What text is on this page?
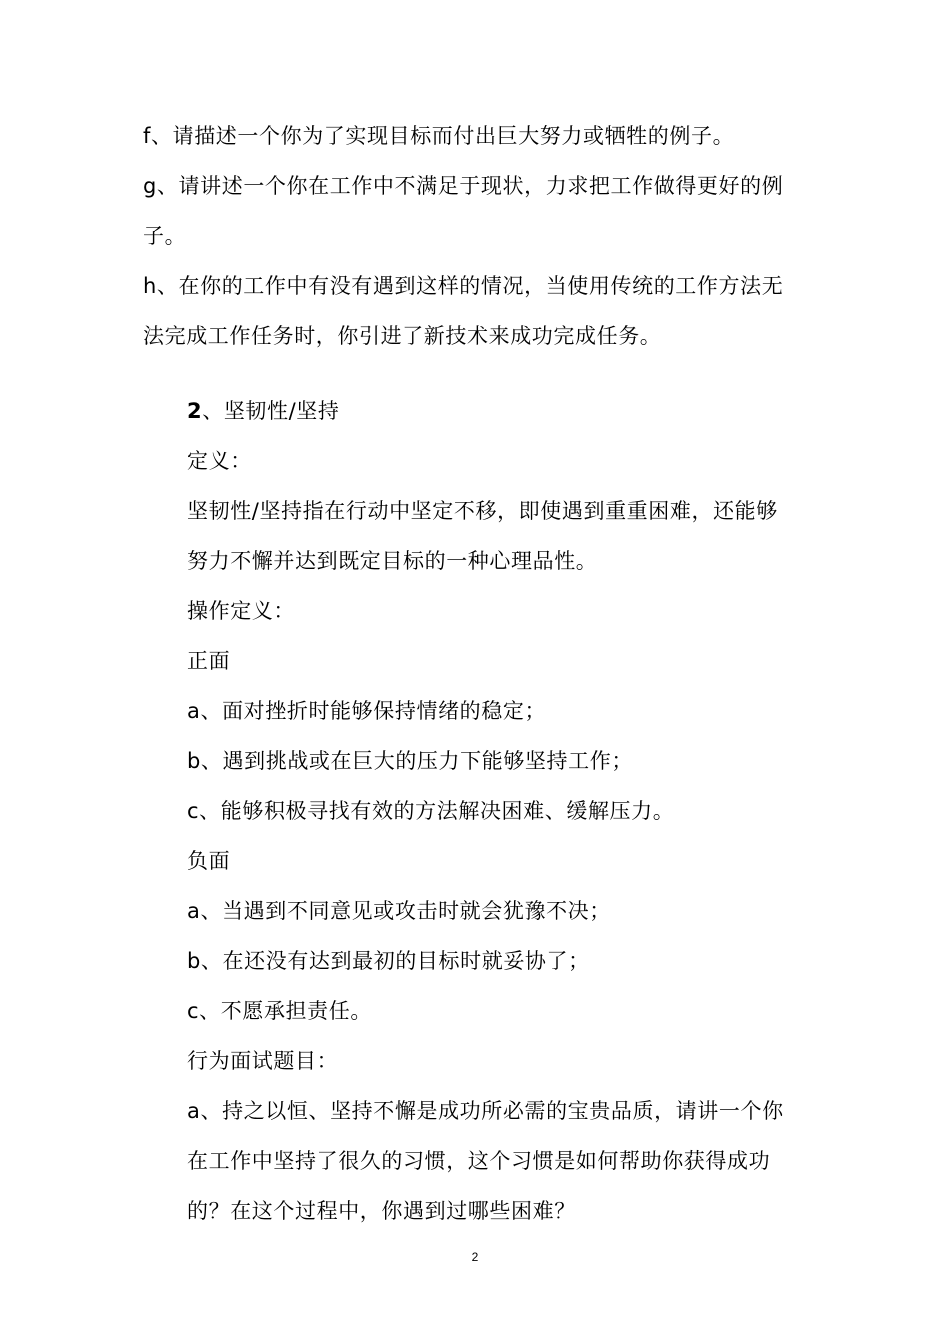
f、请描述一个你为了实现目标而付出巨大努力或牺牲的例子。
g、请讲述一个你在工作中不满足于现状，力求把工作做得更好的例
子。
h、在你的工作中有没有遇到这样的情况，当使用传统的工作方法无
法完成工作任务时，你引进了新技术来成功完成任务。
2、坚韧性/坚持
定义：
坚韧性/坚持指在行动中坚定不移，即使遇到重重困难，还能够
努力不懈并达到既定目标的一种心理品性。
操作定义：
正面
a、面对挫折时能够保持情绪的稳定；
b、遇到挑战或在巨大的压力下能够坚持工作；
c、能够积极寻找有效的方法解决困难、缓解压力。
负面
a、当遇到不同意见或攻击时就会犹豫不决；
b、在还没有达到最初的目标时就妥协了；
c、不愿承担责任。
行为面试题目：
a、持之以恒、坚持不懈是成功所必需的宝贵品质，请讲一个你
在工作中坚持了很久的习惯，这个习惯是如何帮助你获得成功
的？在这个过程中，你遇到过哪些困难？
2
